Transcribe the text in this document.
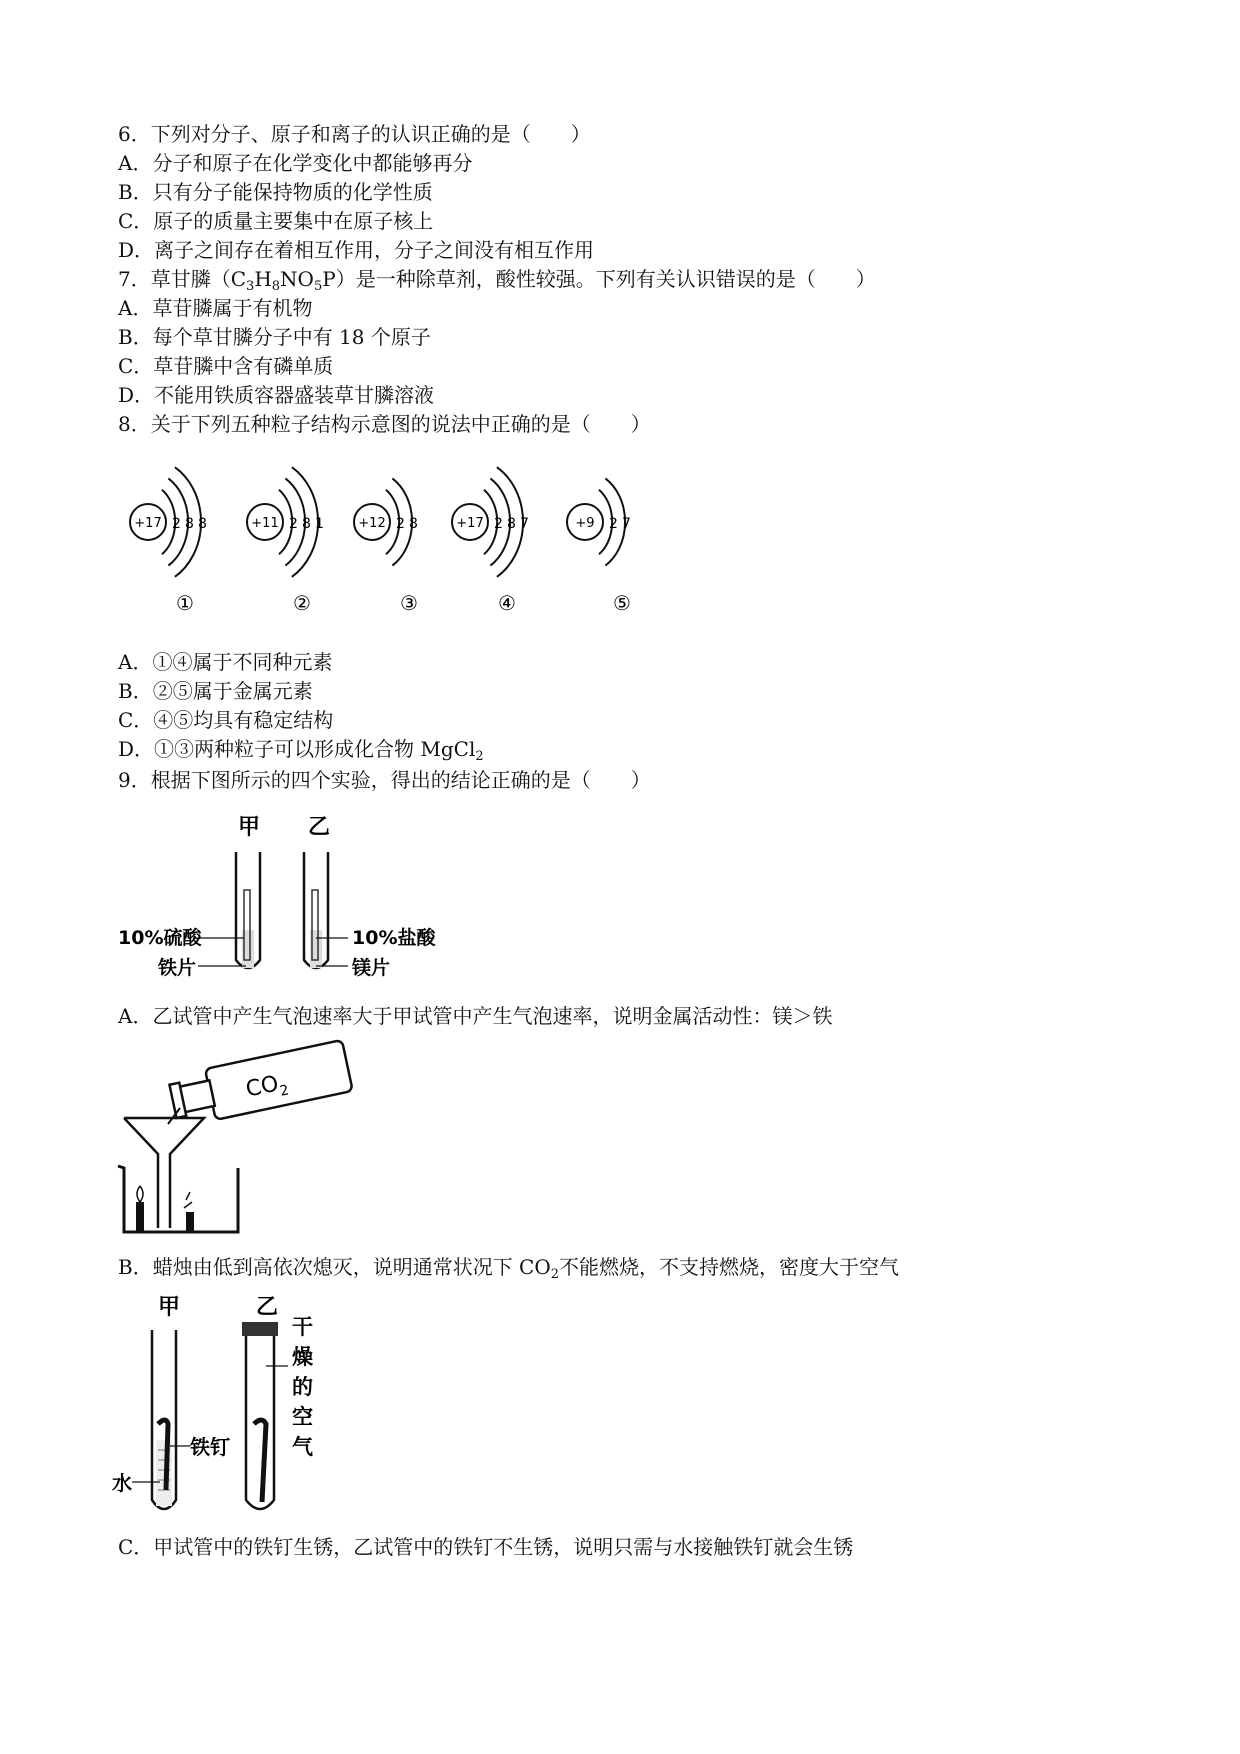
6．下列对分子、原子和离子的认识正确的是（　　）
A．分子和原子在化学变化中都能够再分
B．只有分子能保持物质的化学性质
C．原子的质量主要集中在原子核上
D．离子之间存在着相互作用，分子之间没有相互作用
7．草甘膦$(C_3H_8NO_5P)$是一种除草剂，酸性较强。下列有关认识错误的是（　　）
A．草苷膦属于有机物
B．每个草甘膦分子中有 18 个原子
C．草苷膦中含有磷单质
D．不能用铁质容器盛装草甘膦溶液
8．关于下列五种粒子结构示意图的说法中正确的是（　　）
+17 2 8 8
①
+11 2 8 1
②
+12 2 8
③
+17 2 8 7
④
+9 2 7
⑤
A．①④属于不同种元素
B．②⑤属于金属元素
C．④⑤均具有稳定结构
D．①③两种粒子可以形成化合物 MgCl$_2$
9．根据下图所示的四个实验，得出的结论正确的是（　　）
甲 乙
10%硫酸
铁片
10%盐酸
镁片
A．乙试管中产生气泡速率大于甲试管中产生气泡速率，说明金属活动性：镁＞铁
$CO_2$
B．蜡烛由低到高依次熄灭，说明通常状况下 $CO_2$不能燃烧，不支持燃烧，密度大于空气
甲	乙
铁钉
水
干
燥
的
空
气
C．甲试管中的铁钉生锈，乙试管中的铁钉不生锈，说明只需与水接触铁钉就会生锈
